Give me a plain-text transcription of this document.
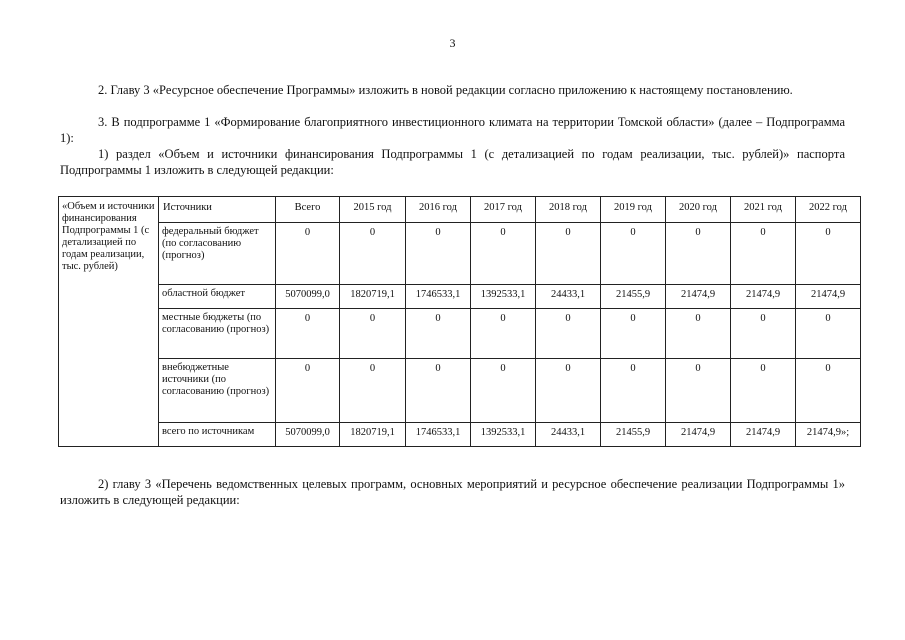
3

2. Главу 3 «Ресурсное обеспечение Программы» изложить в новой редакции согласно приложению к настоящему постановлению.

3. В подпрограмме 1 «Формирование благоприятного инвестиционного климата на территории Томской области» (далее – Подпрограмма 1):

1) раздел «Объем и источники финансирования Подпрограммы 1 (с детализацией по годам реализации, тыс. рублей)» паспорта Подпрограммы 1 изложить в следующей редакции:

«Объем и источники финансирования Подпрограммы 1 (с детализацией по годам реализации, тыс. рублей)	Источники	Всего	2015 год	2016 год	2017 год	2018 год	2019 год	2020 год	2021 год	2022 год
	федеральный бюджет (по согласованию (прогноз)	0	0	0	0	0	0	0	0	0
	областной бюджет	5070099,0	1820719,1	1746533,1	1392533,1	24433,1	21455,9	21474,9	21474,9	21474,9
	местные бюджеты (по согласованию (прогноз)	0	0	0	0	0	0	0	0	0
	внебюджетные источники (по согласованию (прогноз)	0	0	0	0	0	0	0	0	0
	всего по источникам	5070099,0	1820719,1	1746533,1	1392533,1	24433,1	21455,9	21474,9	21474,9	21474,9»;

2) главу 3 «Перечень ведомственных целевых программ, основных мероприятий и ресурсное обеспечение реализации Подпрограммы 1» изложить в следующей редакции:
